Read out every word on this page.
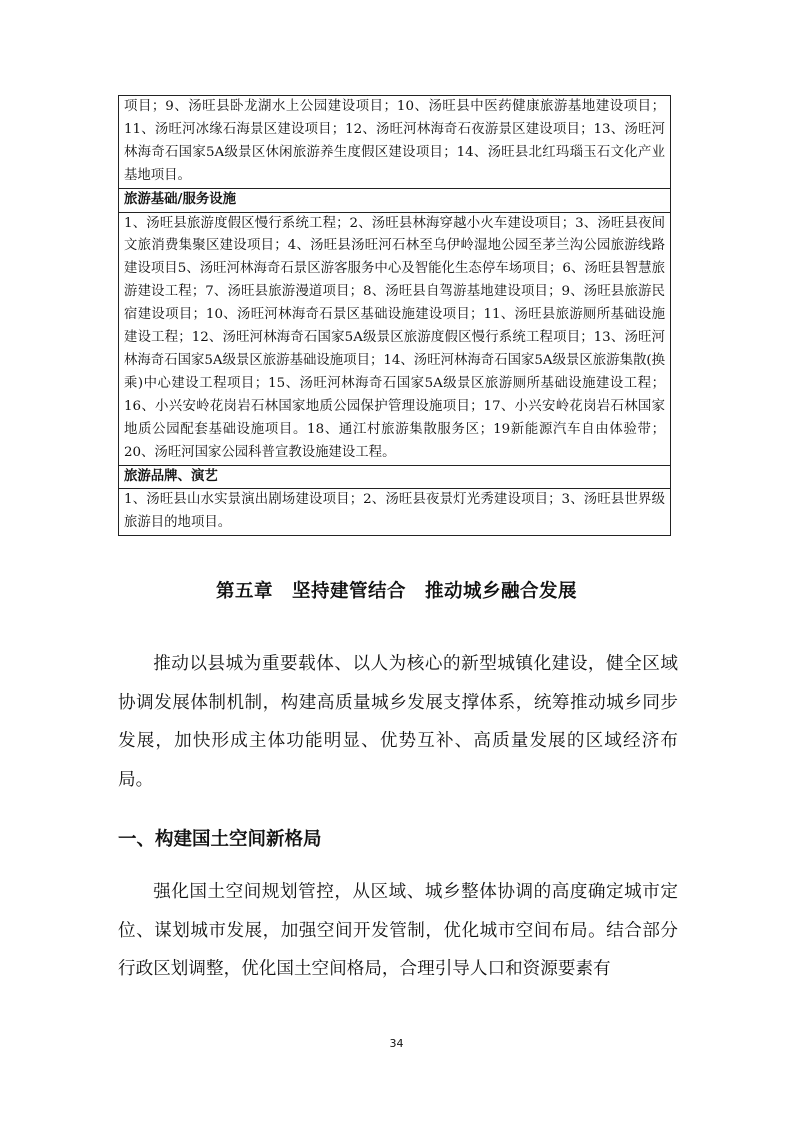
项目；9、汤旺县卧龙湖水上公园建设项目；10、汤旺县中医药健康旅游基地建设项目；11、汤旺河冰缘石海景区建设项目；12、汤旺河林海奇石夜游景区建设项目；13、汤旺河林海奇石国家5A级景区休闲旅游养生度假区建设项目；14、汤旺县北红玛瑙玉石文化产业基地项目。
旅游基础/服务设施
1、汤旺县旅游度假区慢行系统工程；2、汤旺县林海穿越小火车建设项目；3、汤旺县夜间文旅消费集聚区建设项目；4、汤旺县汤旺河石林至乌伊岭湿地公园至茅兰沟公园旅游线路建设项目5、汤旺河林海奇石景区游客服务中心及智能化生态停车场项目；6、汤旺县智慧旅游建设工程；7、汤旺县旅游漫道项目；8、汤旺县自驾游基地建设项目；9、汤旺县旅游民宿建设项目；10、汤旺河林海奇石景区基础设施建设项目；11、汤旺县旅游厕所基础设施建设工程；12、汤旺河林海奇石国家5A级景区旅游度假区慢行系统工程项目；13、汤旺河林海奇石国家5A级景区旅游基础设施项目；14、汤旺河林海奇石国家5A级景区旅游集散(换乘)中心建设工程项目；15、汤旺河林海奇石国家5A级景区旅游厕所基础设施建设工程；16、小兴安岭花岗岩石林国家地质公园保护管理设施项目；17、小兴安岭花岗岩石林国家地质公园配套基础设施项目。18、通江村旅游集散服务区；19新能源汽车自由体验带；20、汤旺河国家公园科普宣教设施建设工程。
旅游品牌、演艺
1、汤旺县山水实景演出剧场建设项目；2、汤旺县夜景灯光秀建设项目；3、汤旺县世界级旅游目的地项目。
第五章　坚持建管结合　推动城乡融合发展

推动以县城为重要载体、以人为核心的新型城镇化建设，健全区域协调发展体制机制，构建高质量城乡发展支撑体系，统筹推动城乡同步发展，加快形成主体功能明显、优势互补、高质量发展的区域经济布局。

一、构建国土空间新格局

强化国土空间规划管控，从区域、城乡整体协调的高度确定城市定位、谋划城市发展，加强空间开发管制，优化城市空间布局。结合部分行政区划调整，优化国土空间格局，合理引导人口和资源要素有

34
